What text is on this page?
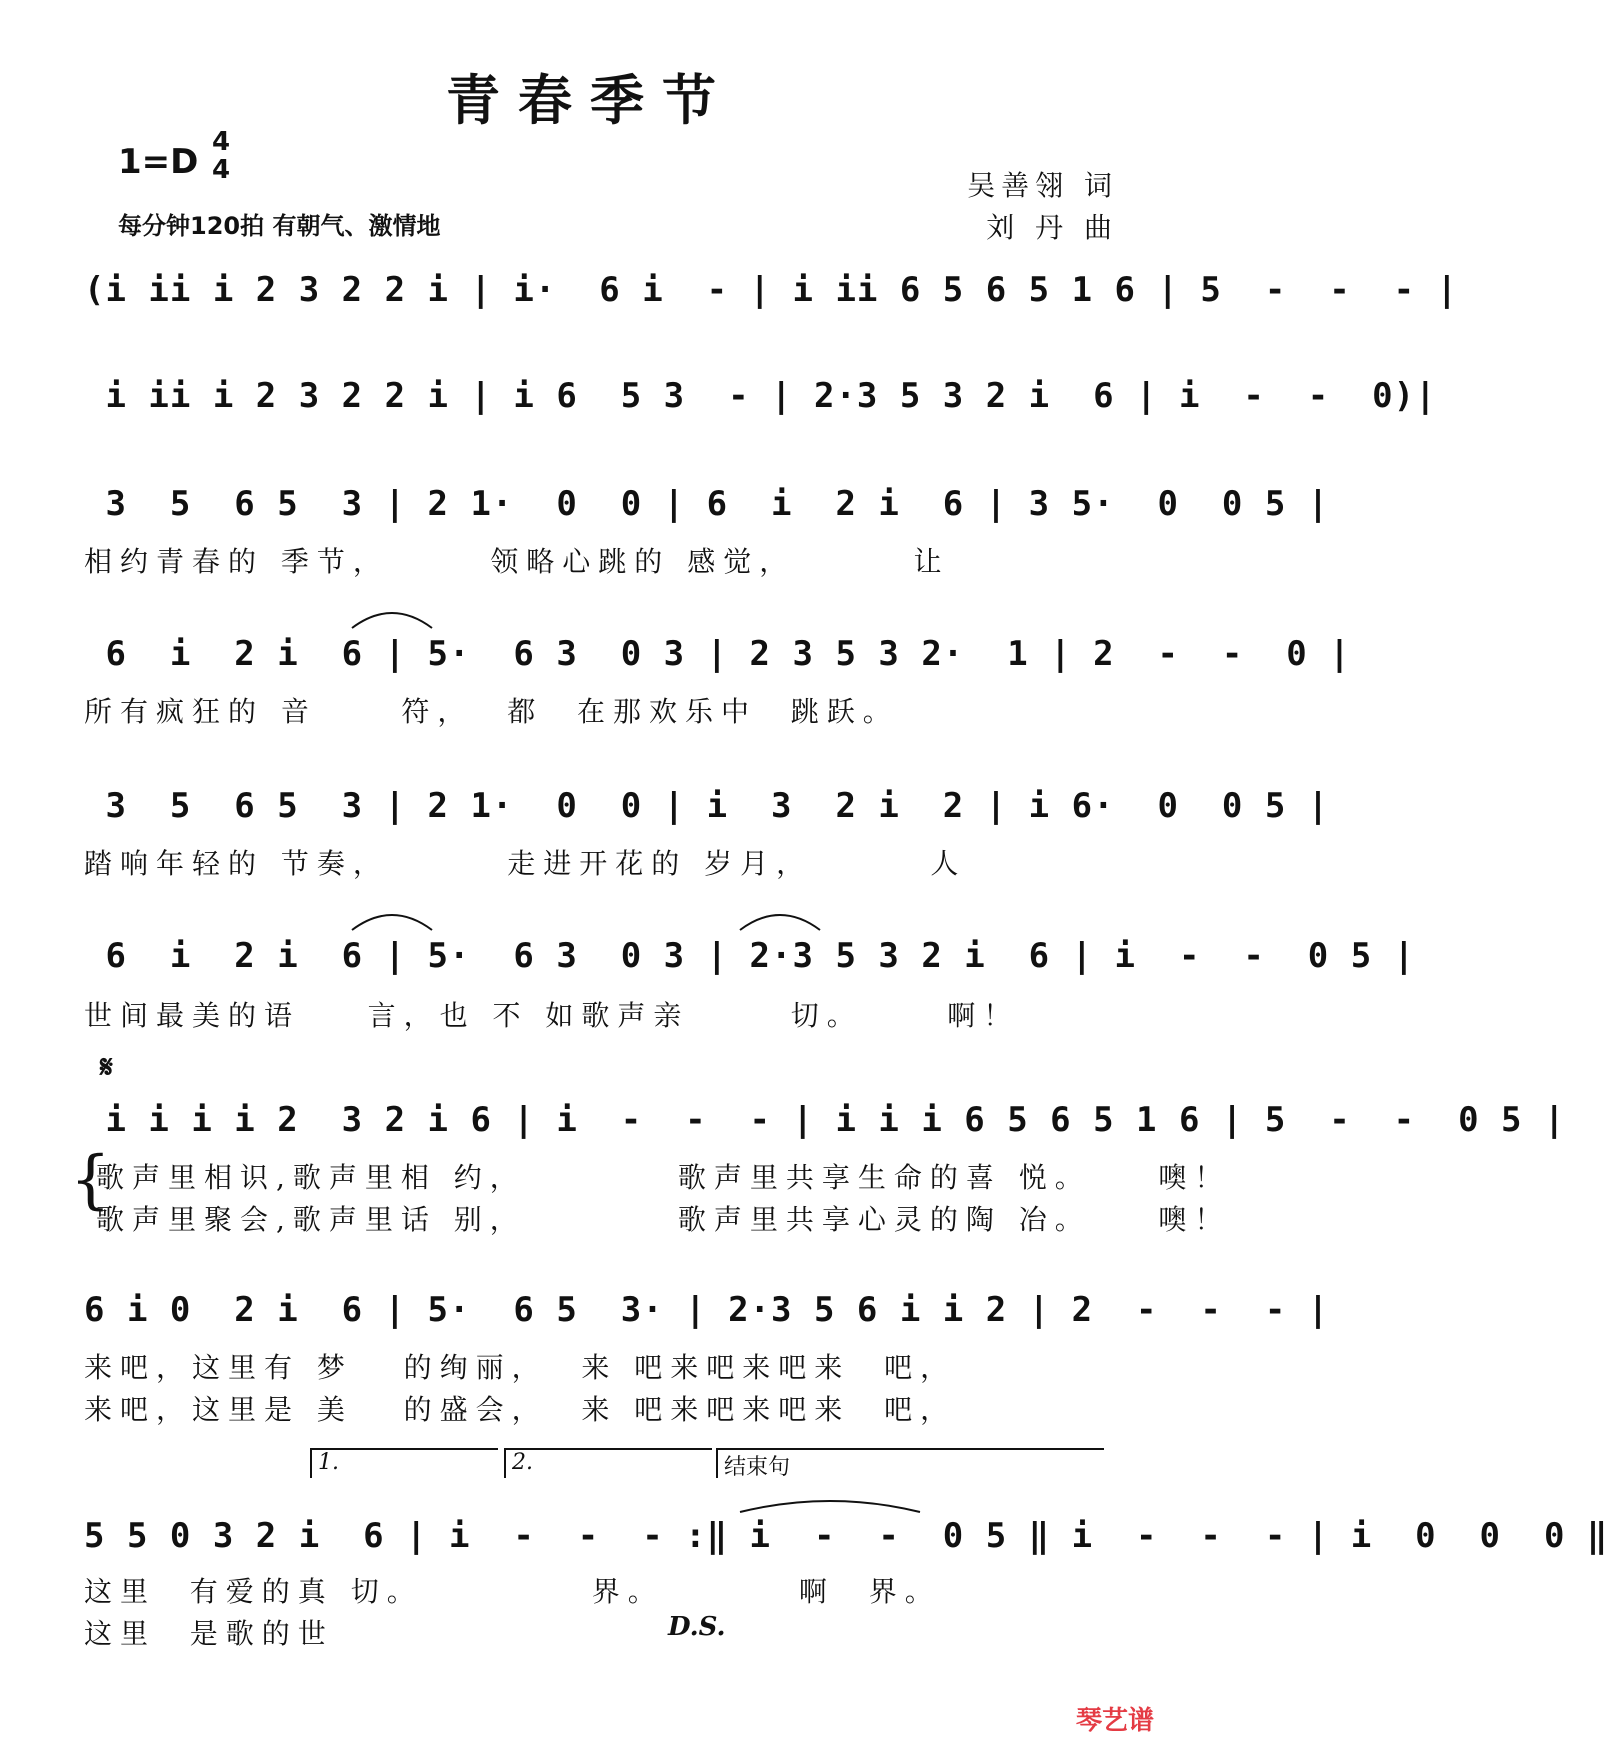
青春季节
1=D 4
4
每分钟120拍 有朝气、激情地
吴善翎 词
刘 丹 曲
(i ii i 2 3 2 2 i | i·  6 i  - | i ii 6 5 6 5 1 6 | 5  -  -  - |
i ii i 2 3 2 2 i | i 6  5 3  - | 2·3 5 3 2 i  6 | i  -  -  0)|
3  5  6 5  3 | 2 1·  0  0 | 6  i  2 i  6 | 3 5·  0  0 5 |
相约青春的 季节，      领略心跳的 感觉，       让
6  i  2 i  6 | 5·  6 3  0 3 | 2 3 5 3 2·  1 | 2  -  -  0 |
所有疯狂的 音     符，  都  在那欢乐中  跳跃。
3  5  6 5  3 | 2 1·  0  0 | i  3  2 i  2 | i 6·  0  0 5 |
踏响年轻的 节奏，       走进开花的 岁月，       人
6  i  2 i  6 | 5·  6 3  0 3 | 2·3 5 3 2 i  6 | i  -  -  0 5 |
世间最美的语    言，也 不 如歌声亲      切。     啊！
𝄋
i i i i 2  3 2 i 6 | i  -  -  - | i i i 6 5 6 5 1 6 | 5  -  -  0 5 |
{
歌声里相识,歌声里相 约，         歌声里共享生命的喜 悦。    噢！
歌声里聚会,歌声里话 别，         歌声里共享心灵的陶 冶。    噢！
6 i 0  2 i  6 | 5·  6 5  3· | 2·3 5 6 i i 2 | 2  -  -  - |
来吧，这里有 梦   的绚丽，  来 吧来吧来吧来  吧，
来吧，这里是 美   的盛会，  来 吧来吧来吧来  吧，
1.	2.	结束句
5 5 0 3 2 i  6 | i  -  -  - :‖ i  -  -  0 5 ‖ i  -  -  - | i  0  0  0 ‖
这里  有爱的真 切。          界。        啊  界。
这里  是歌的世	D.S.
琴艺谱
